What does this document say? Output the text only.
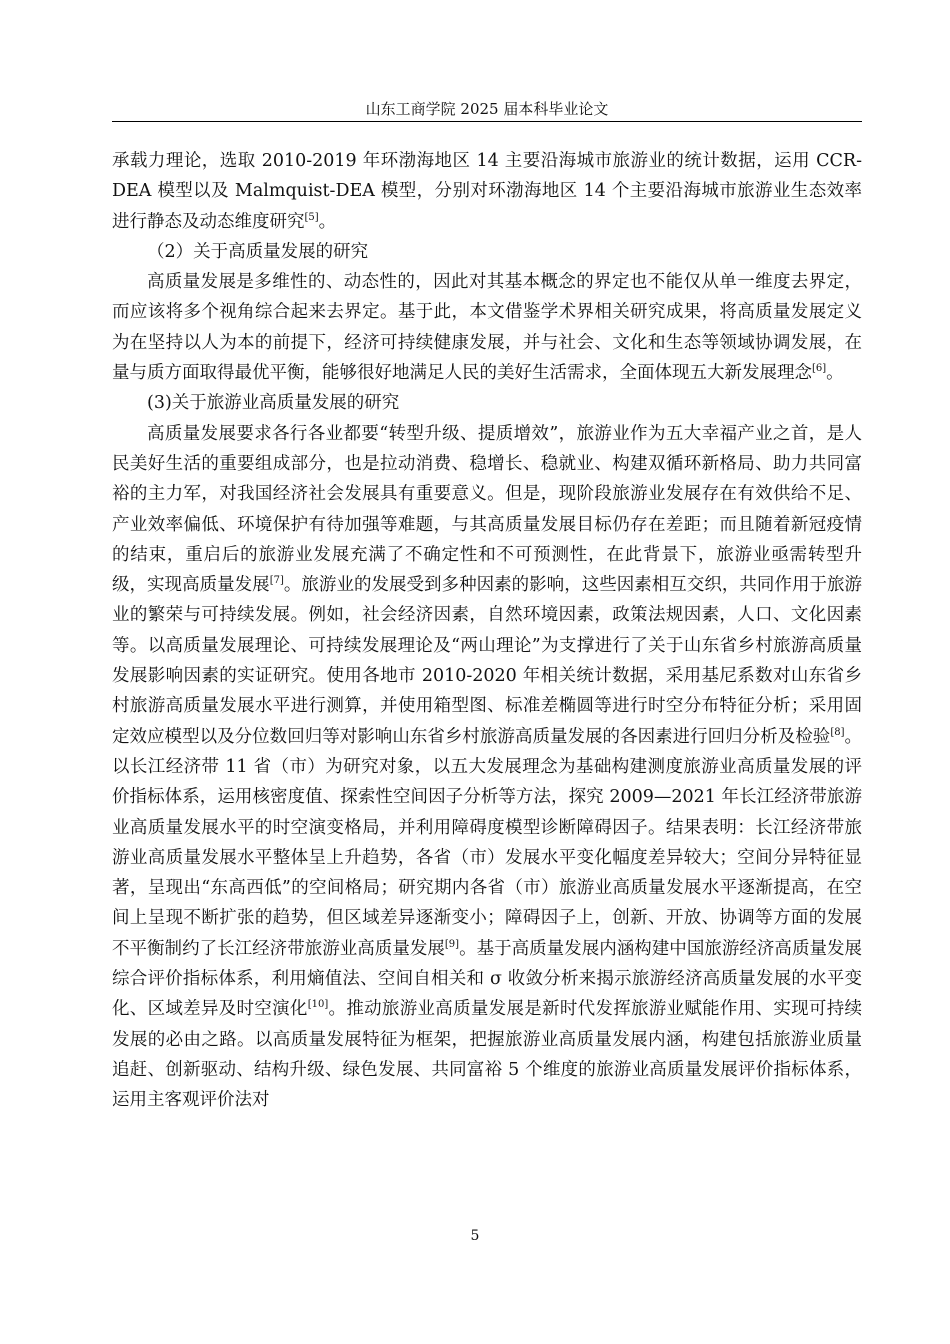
山东工商学院 2025 届本科毕业论文

承载力理论，选取 2010-2019 年环渤海地区 14 主要沿海城市旅游业的统计数据，运用 CCR-DEA 模型以及 Malmquist-DEA 模型，分别对环渤海地区 14 个主要沿海城市旅游业生态效率进行静态及动态维度研究[5]。

（2）关于高质量发展的研究

高质量发展是多维性的、动态性的，因此对其基本概念的界定也不能仅从单一维度去界定，而应该将多个视角综合起来去界定。基于此，本文借鉴学术界相关研究成果，将高质量发展定义为在坚持以人为本的前提下，经济可持续健康发展，并与社会、文化和生态等领域协调发展，在量与质方面取得最优平衡，能够很好地满足人民的美好生活需求，全面体现五大新发展理念[6]。

(3)关于旅游业高质量发展的研究

高质量发展要求各行各业都要“转型升级、提质增效”，旅游业作为五大幸福产业之首，是人民美好生活的重要组成部分，也是拉动消费、稳增长、稳就业、构建双循环新格局、助力共同富裕的主力军，对我国经济社会发展具有重要意义。但是，现阶段旅游业发展存在有效供给不足、产业效率偏低、环境保护有待加强等难题，与其高质量发展目标仍存在差距；而且随着新冠疫情的结束，重启后的旅游业发展充满了不确定性和不可预测性，在此背景下，旅游业亟需转型升级，实现高质量发展[7]。旅游业的发展受到多种因素的影响，这些因素相互交织，共同作用于旅游业的繁荣与可持续发展。例如，社会经济因素，自然环境因素，政策法规因素，人口、文化因素等。以高质量发展理论、可持续发展理论及“两山理论”为支撑进行了关于山东省乡村旅游高质量发展影响因素的实证研究。使用各地市 2010-2020 年相关统计数据，采用基尼系数对山东省乡村旅游高质量发展水平进行测算，并使用箱型图、标准差椭圆等进行时空分布特征分析；采用固定效应模型以及分位数回归等对影响山东省乡村旅游高质量发展的各因素进行回归分析及检验[8]。以长江经济带 11 省（市）为研究对象，以五大发展理念为基础构建测度旅游业高质量发展的评价指标体系，运用核密度值、探索性空间因子分析等方法，探究 2009—2021 年长江经济带旅游业高质量发展水平的时空演变格局，并利用障碍度模型诊断障碍因子。结果表明：长江经济带旅游业高质量发展水平整体呈上升趋势，各省（市）发展水平变化幅度差异较大；空间分异特征显著，呈现出“东高西低”的空间格局；研究期内各省（市）旅游业高质量发展水平逐渐提高，在空间上呈现不断扩张的趋势，但区域差异逐渐变小；障碍因子上，创新、开放、协调等方面的发展不平衡制约了长江经济带旅游业高质量发展[9]。基于高质量发展内涵构建中国旅游经济高质量发展综合评价指标体系，利用熵值法、空间自相关和 σ 收敛分析来揭示旅游经济高质量发展的水平变化、区域差异及时空演化[10]。推动旅游业高质量发展是新时代发挥旅游业赋能作用、实现可持续发展的必由之路。以高质量发展特征为框架，把握旅游业高质量发展内涵，构建包括旅游业质量追赶、创新驱动、结构升级、绿色发展、共同富裕 5 个维度的旅游业高质量发展评价指标体系，运用主客观评价法对

5
